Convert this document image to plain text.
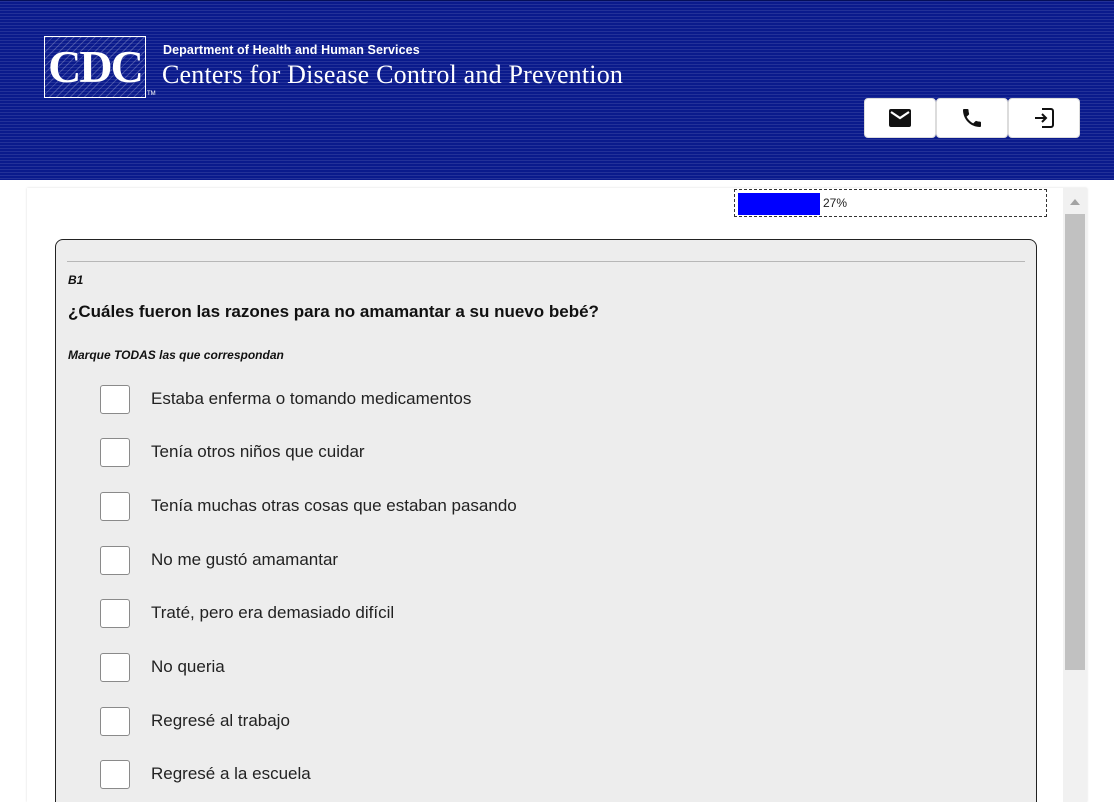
CDC
TM
Department of Health and Human Services
Centers for Disease Control and Prevention
27%
B1
¿Cuáles fueron las razones para no amamantar a su nuevo bebé?
Marque TODAS las que correspondan
Estaba enferma o tomando medicamentos
Tenía otros niños que cuidar
Tenía muchas otras cosas que estaban pasando
No me gustó amamantar
Traté, pero era demasiado difícil
No queria
Regresé al trabajo
Regresé a la escuela
